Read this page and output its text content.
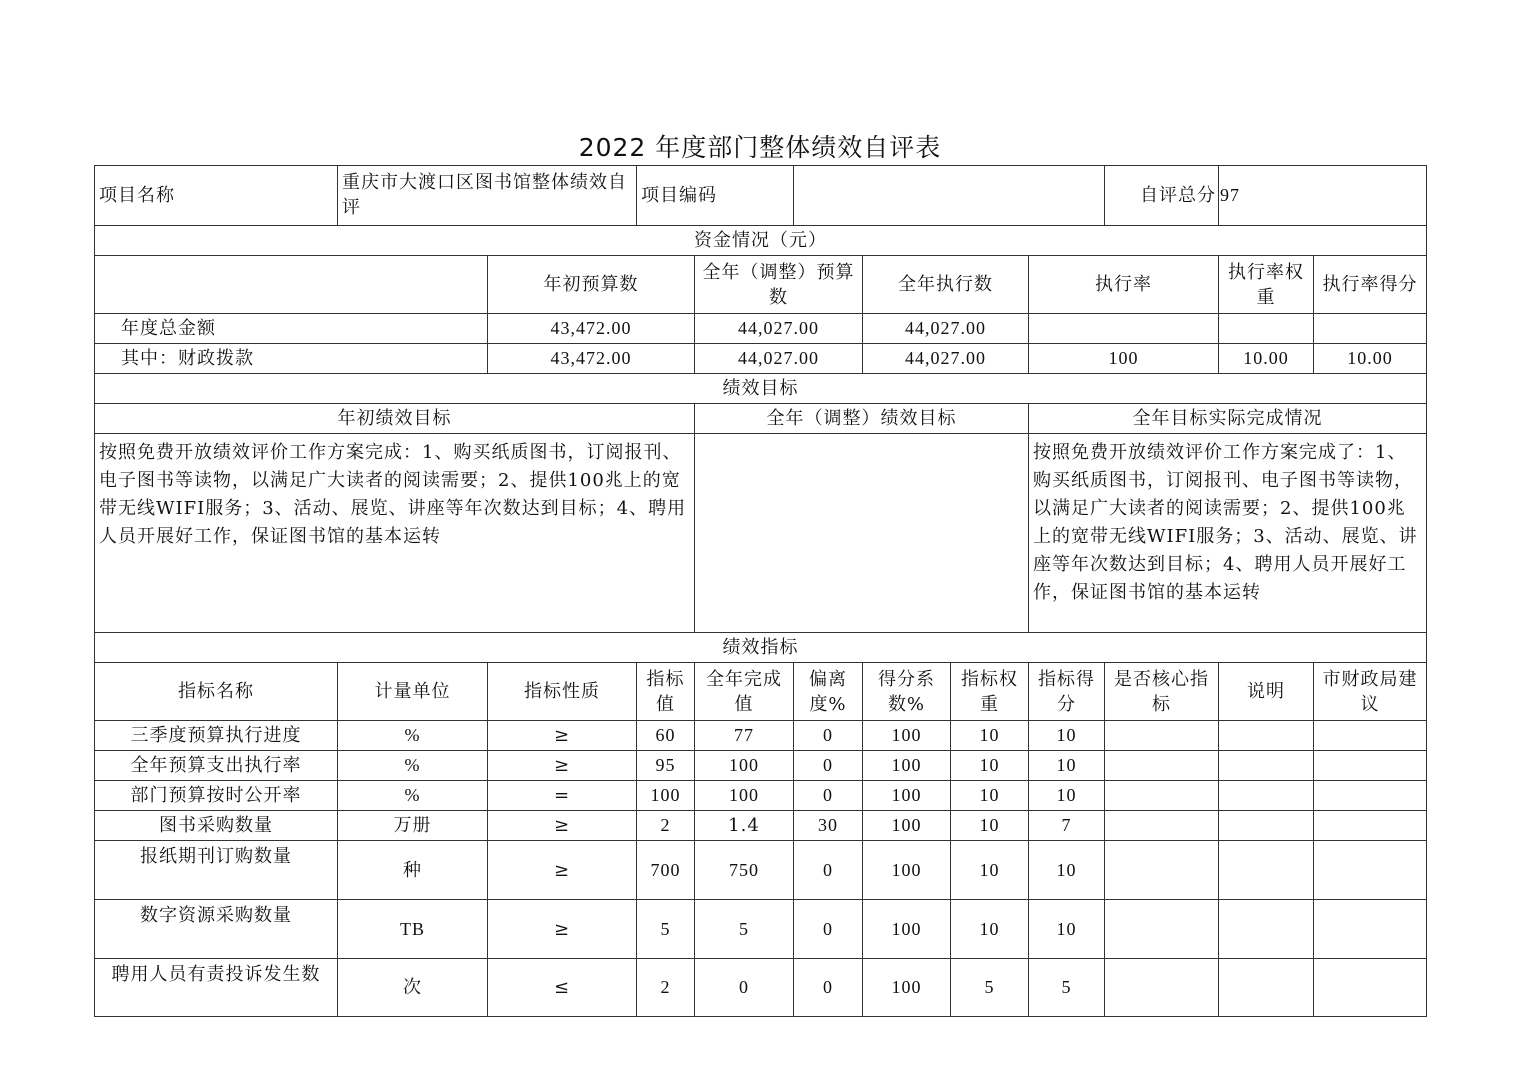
2022 年度部门整体绩效自评表
项目名称	重庆市大渡口区图书馆整体绩效自评		项目编码						自评总分	97	
资金情况（元）											
		年初预算数		全年（调整）预算数		全年执行数		执行率		执行率权重	执行率得分
年度总金额		43,472.00		44,027.00		44,027.00					
其中：财政拨款		43,472.00		44,027.00		44,027.00		100		10.00	10.00
绩效目标											
年初绩效目标				全年（调整）绩效目标				全年目标实际完成情况			
按照免费开放绩效评价工作方案完成：1、购买纸质图书，订阅报刊、电子图书等读物，以满足广大读者的阅读需要；2、提供100兆上的宽带无线WIFI服务；3、活动、展览、讲座等年次数达到目标；4、聘用人员开展好工作，保证图书馆的基本运转								按照免费开放绩效评价工作方案完成了：1、购买纸质图书，订阅报刊、电子图书等读物，以满足广大读者的阅读需要；2、提供100兆上的宽带无线WIFI服务；3、活动、展览、讲座等年次数达到目标；4、聘用人员开展好工作，保证图书馆的基本运转			
绩效指标											
指标名称	计量单位	指标性质	指标值	全年完成值	偏离度%	得分系数%	指标权重	指标得分	是否核心指标	说明	市财政局建议
三季度预算执行进度	%	≥	60	77	0	100	10	10			
全年预算支出执行率	%	≥	95	100	0	100	10	10			
部门预算按时公开率	%	=	100	100	0	100	10	10			
图书采购数量	万册	≥	2	1.4	30	100	10	7			
报纸期刊订购数量	种	≥	700	750	0	100	10	10			
数字资源采购数量	TB	≥	5	5	0	100	10	10			
聘用人员有责投诉发生数	次	≤	2	0	0	100	5	5			
